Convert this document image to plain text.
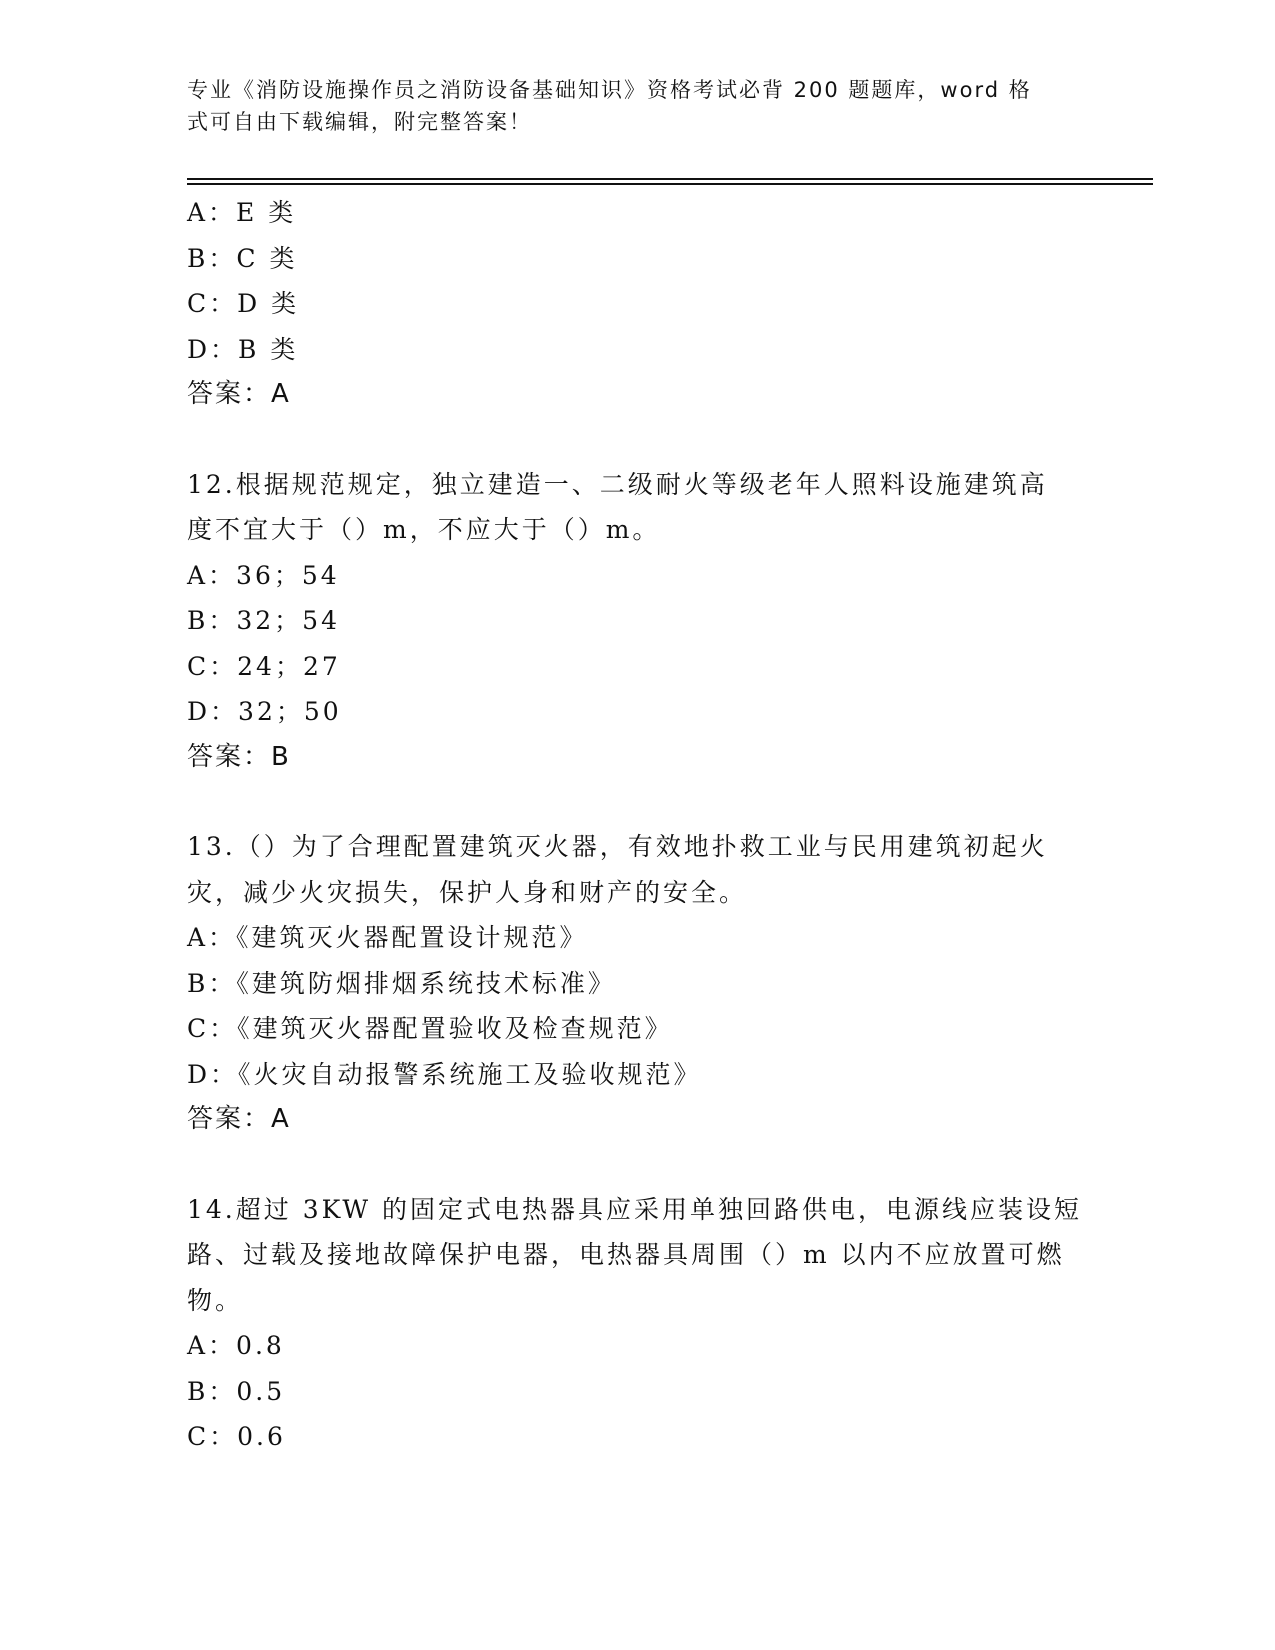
专业《消防设施操作员之消防设备基础知识》资格考试必背 200 题题库，word 格
式可自由下载编辑，附完整答案！
A：E 类
B：C 类
C：D 类
D：B 类
答案：A
12.根据规范规定，独立建造一、二级耐火等级老年人照料设施建筑高
度不宜大于（）m，不应大于（）m。
A：36；54
B：32；54
C：24；27
D：32；50
答案：B
13.（）为了合理配置建筑灭火器，有效地扑救工业与民用建筑初起火
灾，减少火灾损失，保护人身和财产的安全。
A：《建筑灭火器配置设计规范》
B：《建筑防烟排烟系统技术标准》
C：《建筑灭火器配置验收及检查规范》
D：《火灾自动报警系统施工及验收规范》
答案：A
14.超过 3KW 的固定式电热器具应采用单独回路供电，电源线应装设短
路、过载及接地故障保护电器，电热器具周围（）m 以内不应放置可燃
物。
A：0.8
B：0.5
C：0.6
